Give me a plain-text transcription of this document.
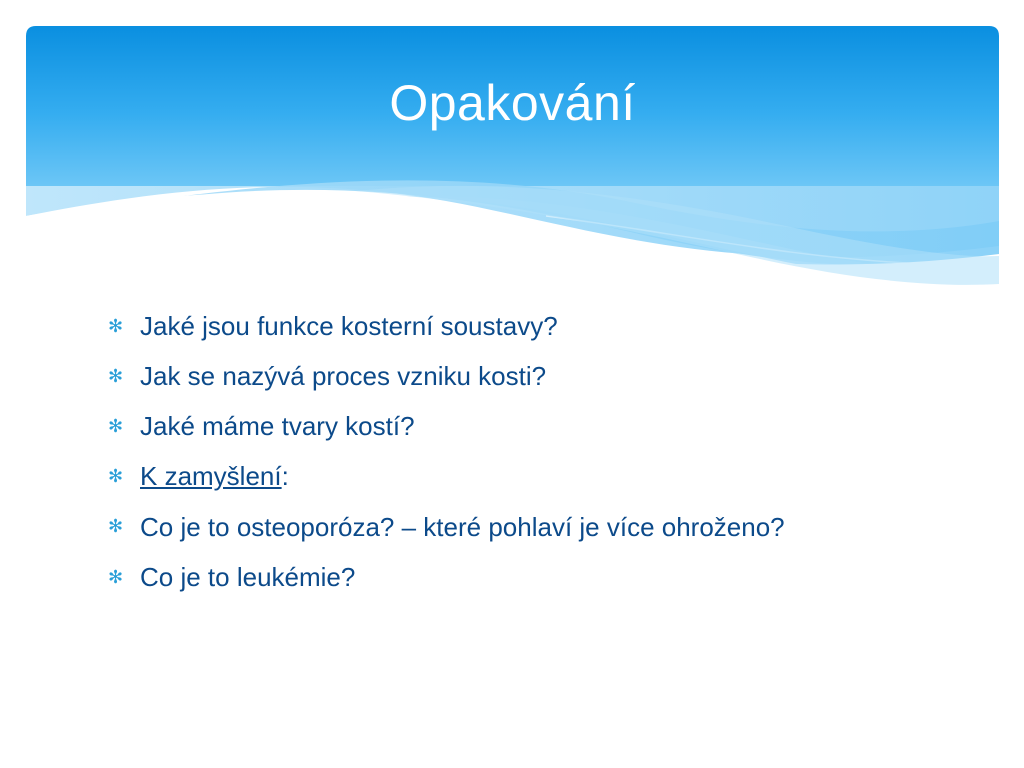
Opakování
✻ Jaké jsou funkce kosterní soustavy?
✻ Jak se nazývá proces vzniku kosti?
✻ Jaké máme tvary kostí?
✻ K zamyšlení:
✻ Co je to osteoporóza? – které pohlaví je více ohroženo?
✻ Co je to leukémie?
